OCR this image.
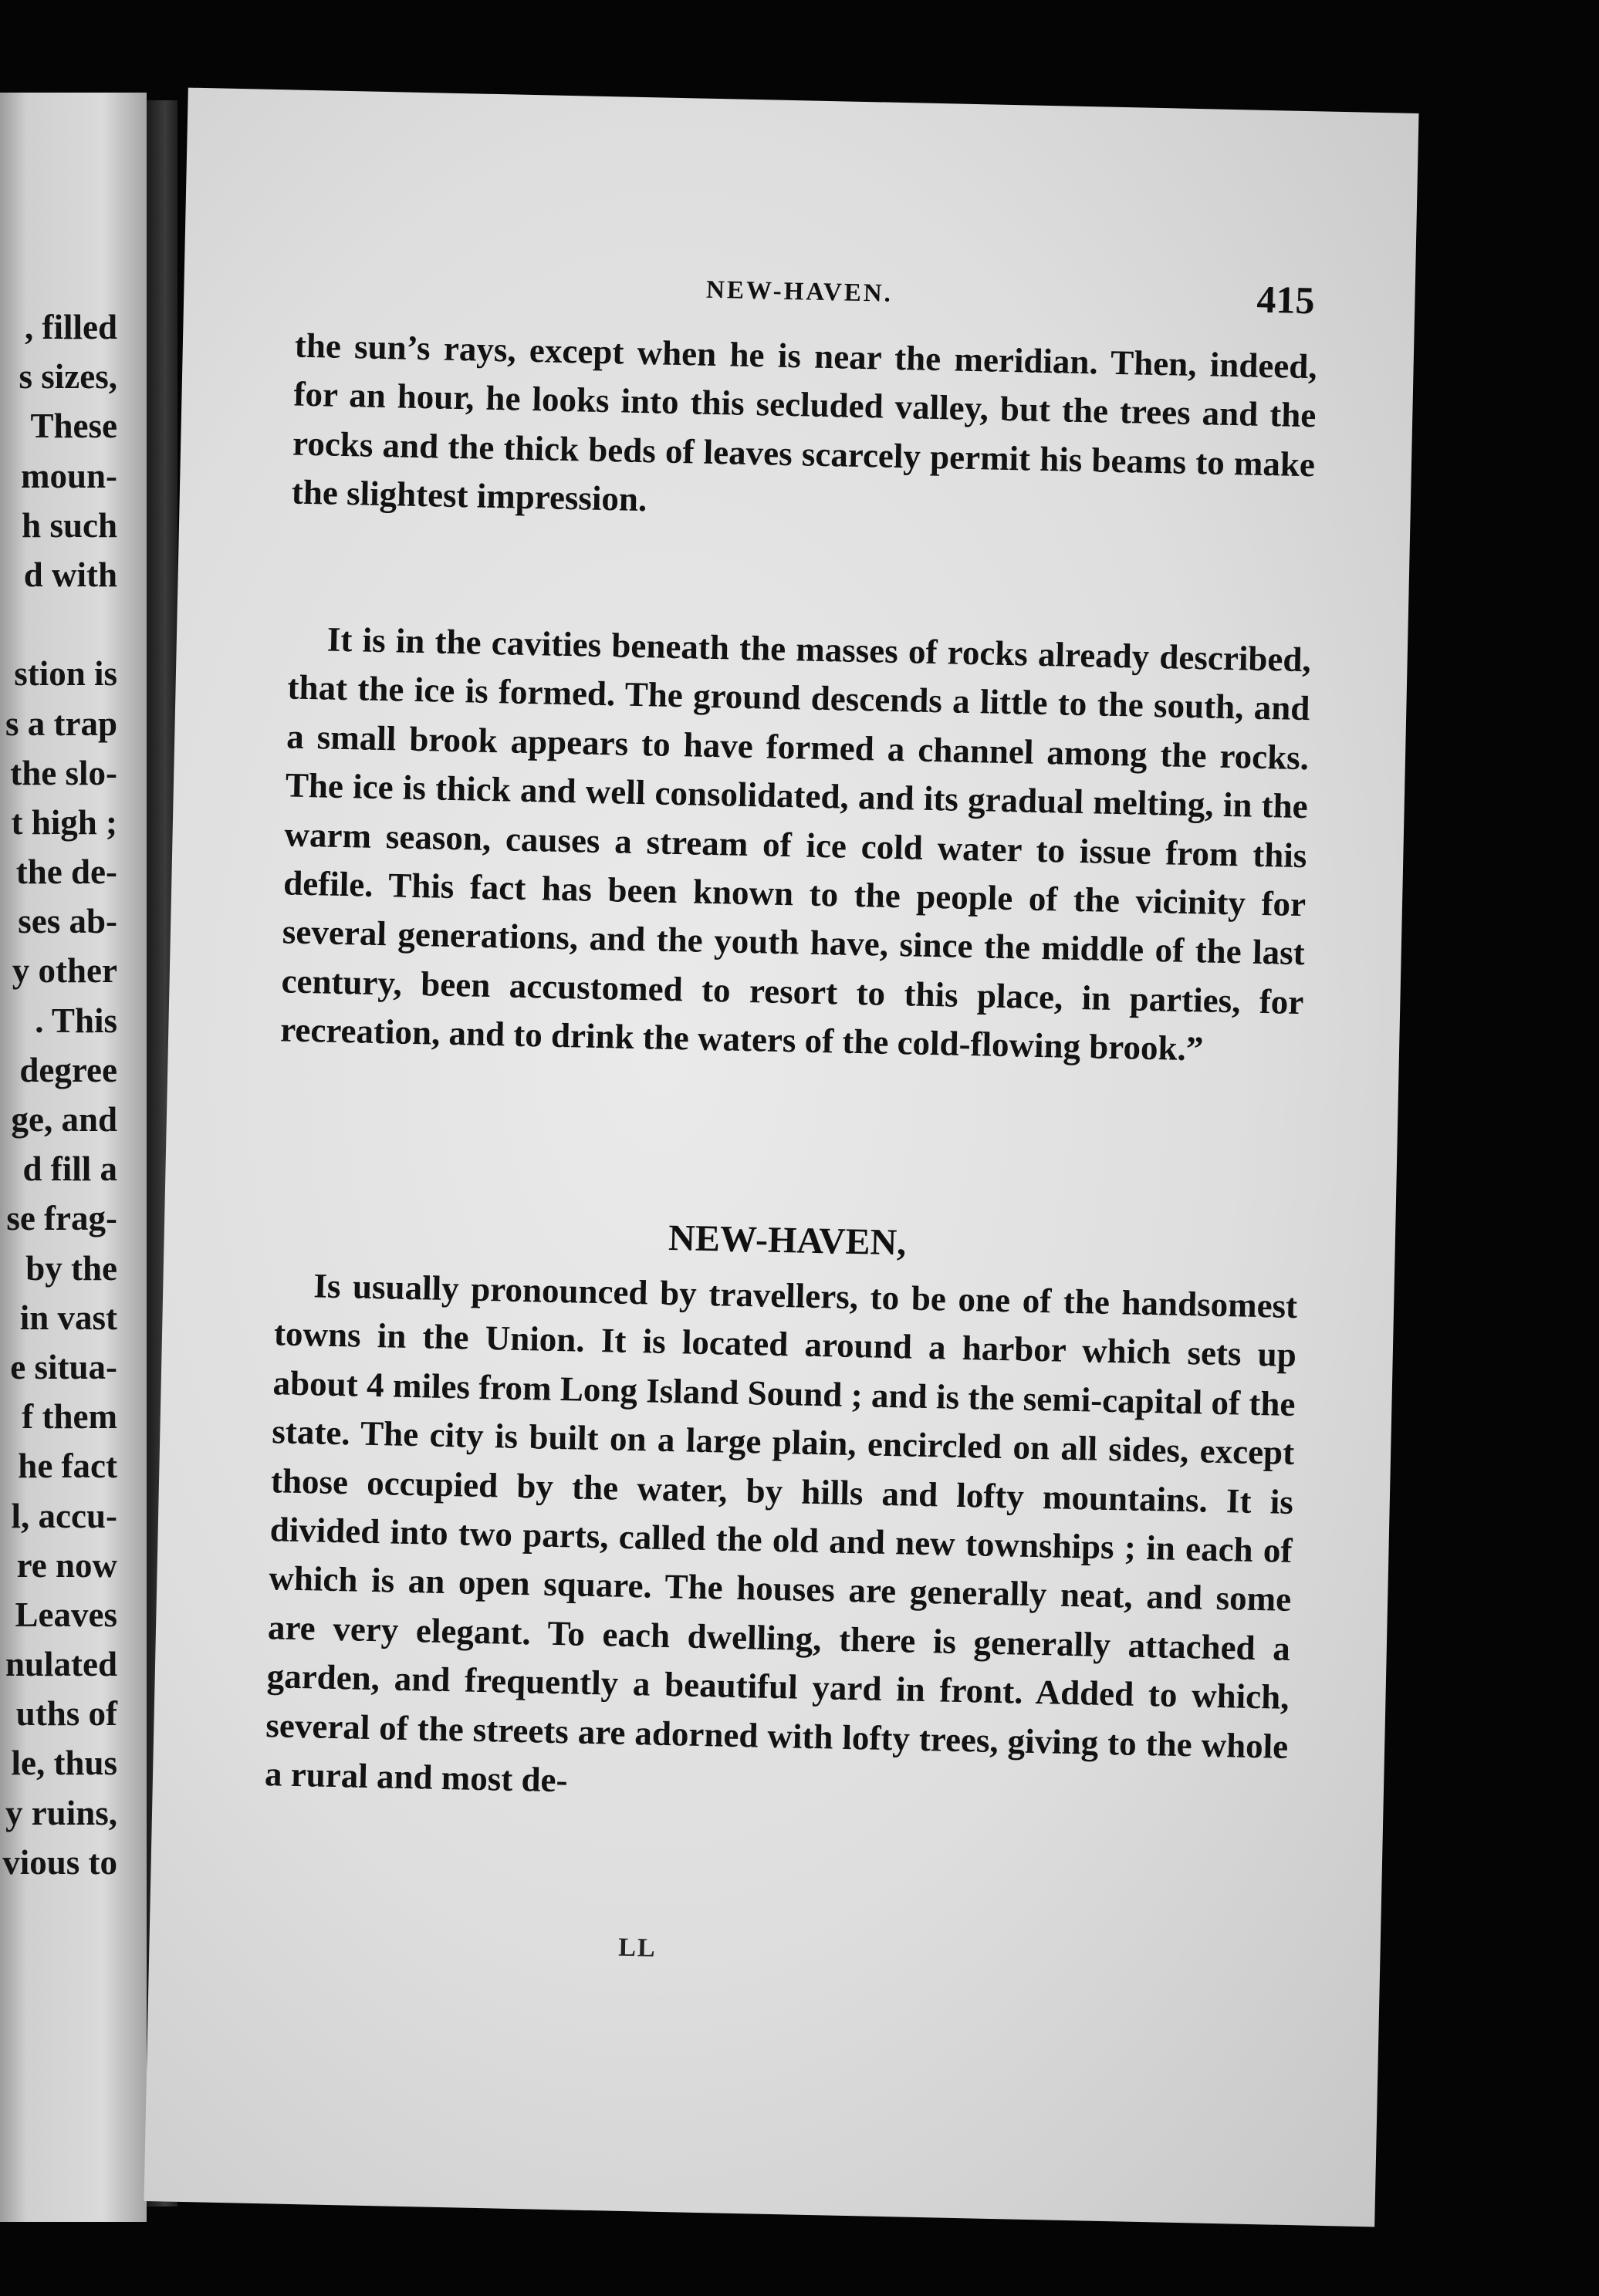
, filled
s sizes,
These
moun-
h such
d with
stion is
s a trap
the slo-
t high ;
the de-
ses ab-
y other
. This
degree
ge, and
d fill a
se frag-
by the
in vast
e situa-
f them
he fact
l, accu-
re now
Leaves
nulated
uths of
le, thus
y ruins,
vious to
NEW-HAVEN.	415

the sun’s rays, except when he is near the meridian. Then, indeed, for an hour, he looks into this secluded valley, but the trees and the rocks and the thick beds of leaves scarcely permit his beams to make the slightest impression.

It is in the cavities beneath the masses of rocks already described, that the ice is formed. The ground descends a little to the south, and a small brook appears to have formed a channel among the rocks. The ice is thick and well consolidated, and its gradual melting, in the warm season, causes a stream of ice cold water to issue from this defile. This fact has been known to the people of the vicinity for several generations, and the youth have, since the middle of the last century, been accustomed to resort to this place, in parties, for recreation, and to drink the waters of the cold-flowing brook.”

NEW-HAVEN,

Is usually pronounced by travellers, to be one of the handsomest towns in the Union. It is located around a harbor which sets up about 4 miles from Long Island Sound ; and is the semi-capital of the state. The city is built on a large plain, encircled on all sides, except those occupied by the water, by hills and lofty mountains. It is divided into two parts, called the old and new townships ; in each of which is an open square. The houses are generally neat, and some are very elegant. To each dwelling, there is generally attached a garden, and frequently a beautiful yard in front. Added to which, several of the streets are adorned with lofty trees, giving to the whole a rural and most de-

LL
